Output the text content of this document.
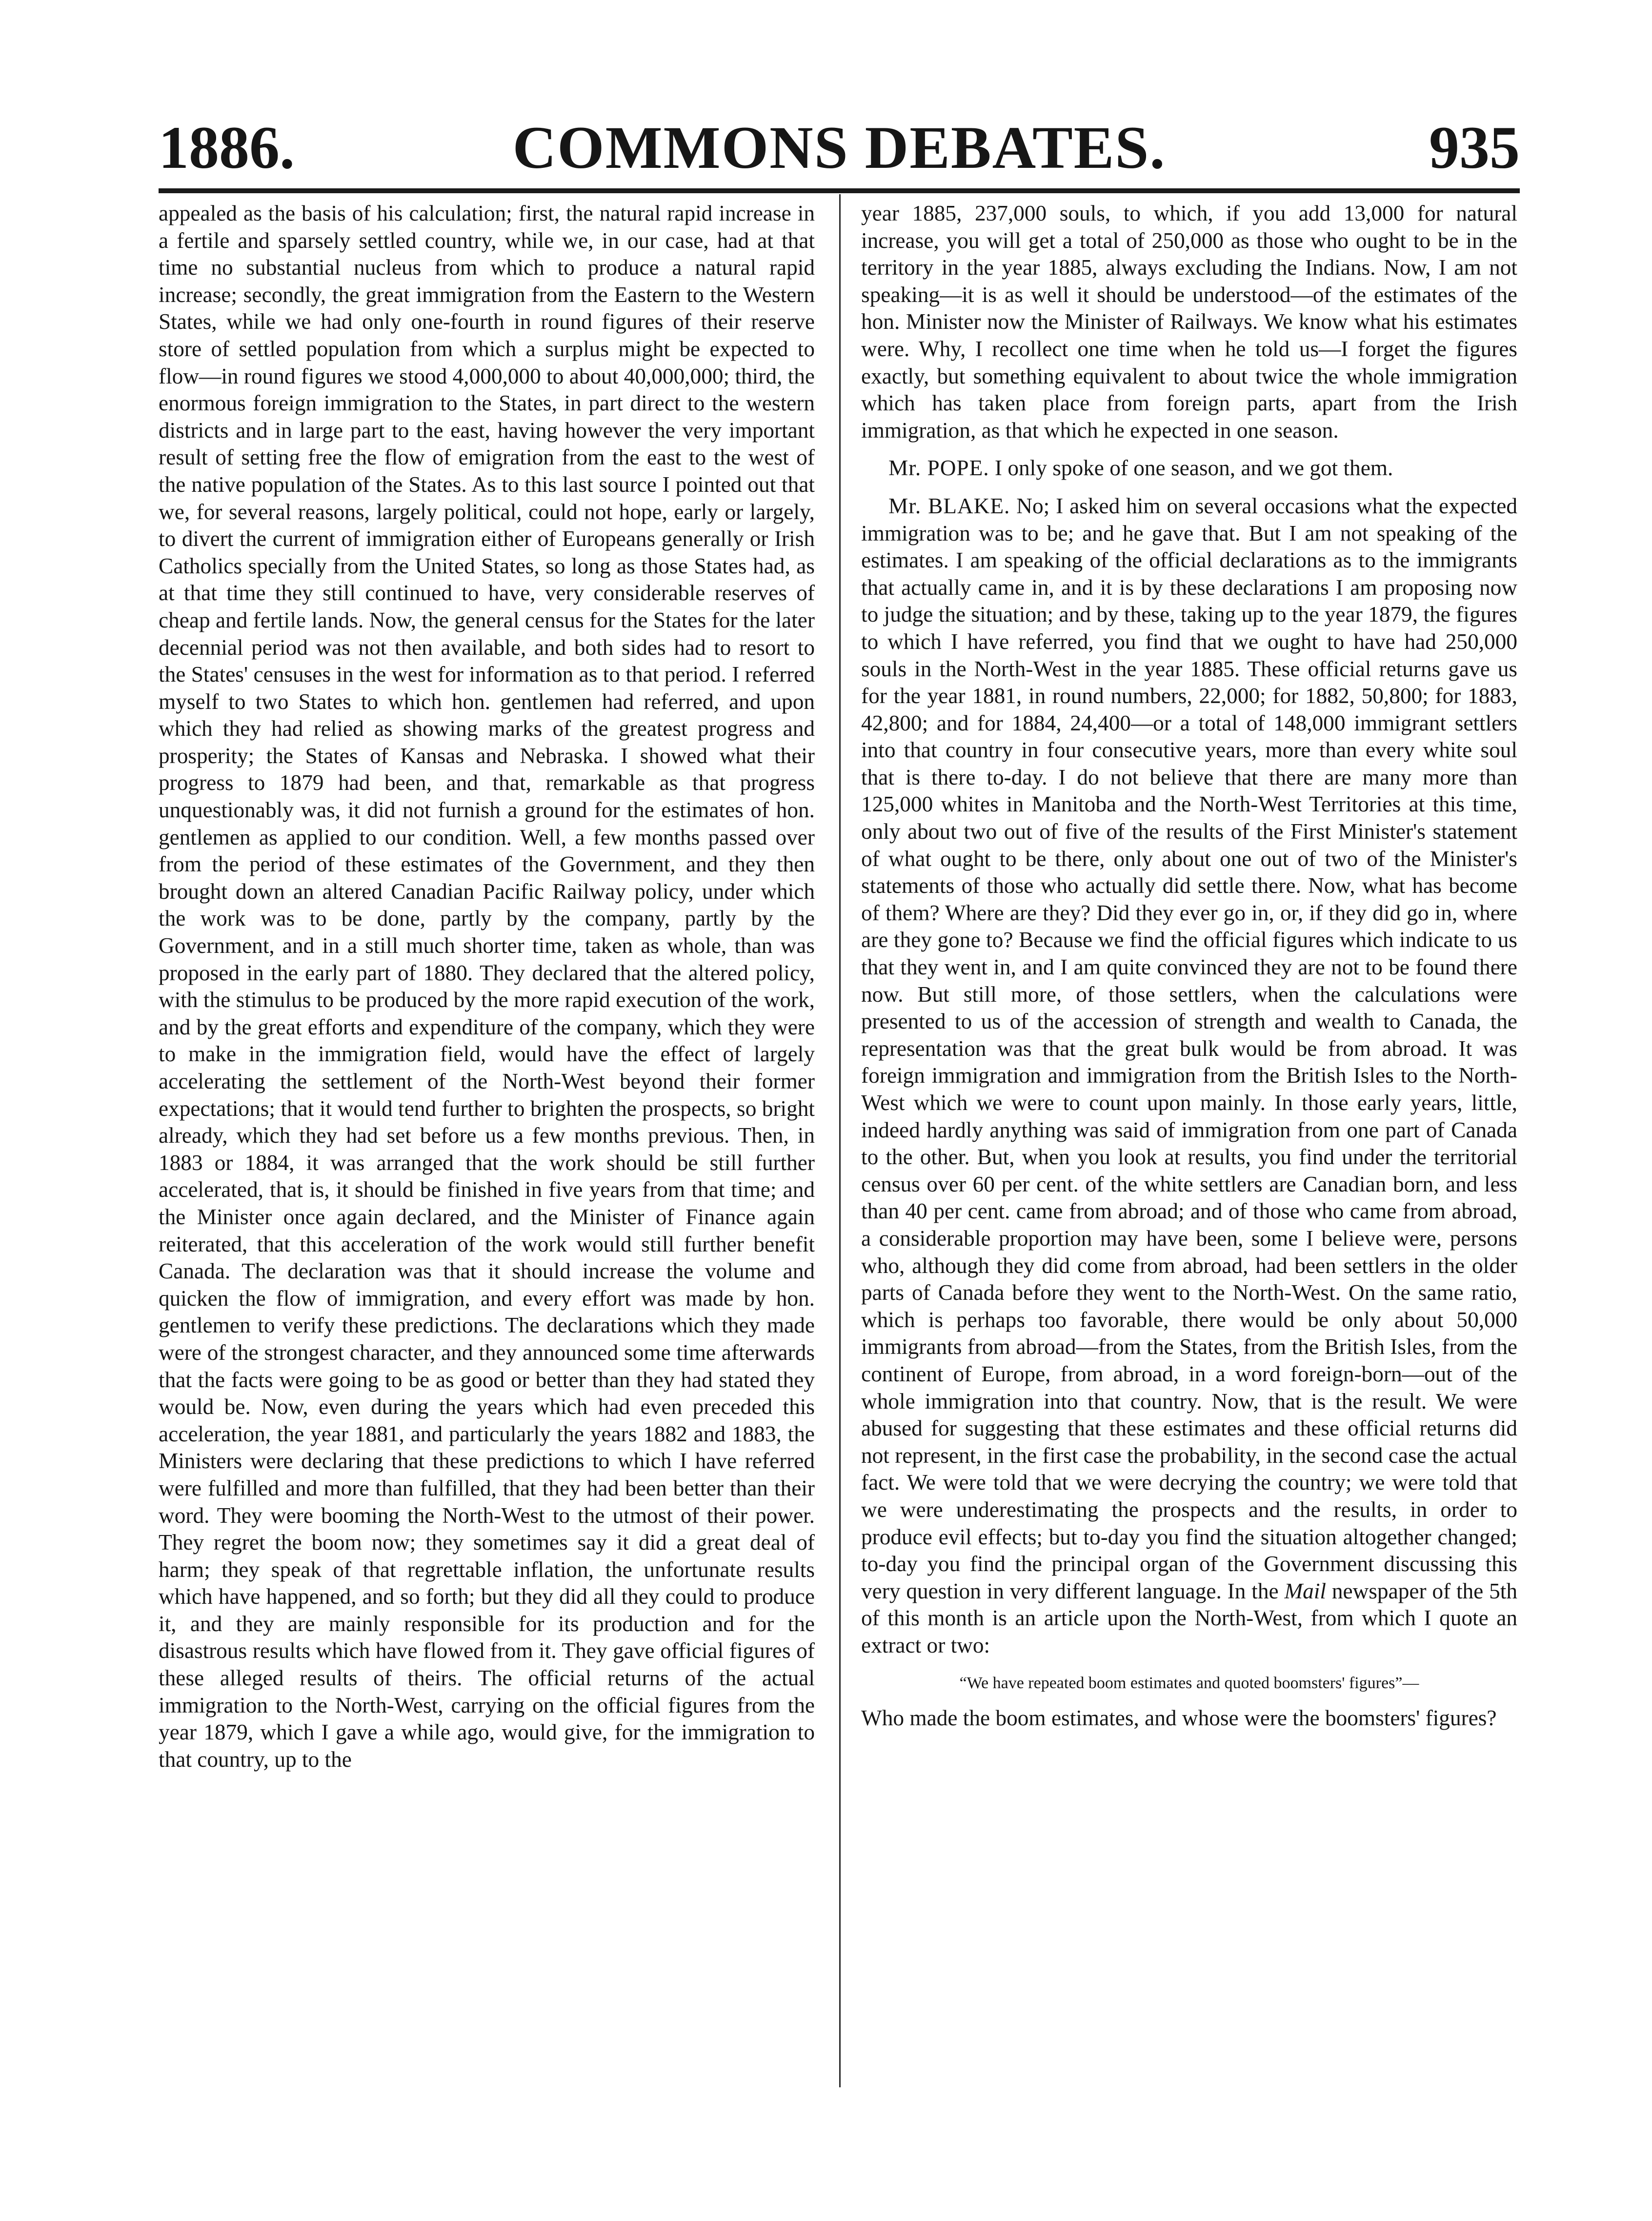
1886.	COMMONS DEBATES.	935

appealed as the basis of his calculation; first, the natural rapid increase in a fertile and sparsely settled country, while we, in our case, had at that time no substantial nucleus from which to produce a natural rapid increase; secondly, the great immigration from the Eastern to the Western States, while we had only one-fourth in round figures of their reserve store of settled population from which a surplus might be expected to flow—in round figures we stood 4,000,000 to about 40,000,000; third, the enormous foreign immigration to the States, in part direct to the western districts and in large part to the east, having however the very important result of setting free the flow of emigration from the east to the west of the native population of the States. As to this last source I pointed out that we, for several reasons, largely political, could not hope, early or largely, to divert the current of immigration either of Europeans generally or Irish Catholics specially from the United States, so long as those States had, as at that time they still continued to have, very considerable reserves of cheap and fertile lands. Now, the general census for the States for the later decennial period was not then available, and both sides had to resort to the States' censuses in the west for information as to that period. I referred myself to two States to which hon. gentlemen had referred, and upon which they had relied as showing marks of the greatest progress and prosperity; the States of Kansas and Nebraska. I showed what their progress to 1879 had been, and that, remarkable as that progress unquestionably was, it did not furnish a ground for the estimates of hon. gentlemen as applied to our condition. Well, a few months passed over from the period of these estimates of the Government, and they then brought down an altered Canadian Pacific Railway policy, under which the work was to be done, partly by the company, partly by the Government, and in a still much shorter time, taken as whole, than was proposed in the early part of 1880. They declared that the altered policy, with the stimulus to be produced by the more rapid execution of the work, and by the great efforts and expenditure of the company, which they were to make in the immigration field, would have the effect of largely accelerating the settlement of the North-West beyond their former expectations; that it would tend further to brighten the prospects, so bright already, which they had set before us a few months previous. Then, in 1883 or 1884, it was arranged that the work should be still further accelerated, that is, it should be finished in five years from that time; and the Minister once again declared, and the Minister of Finance again reiterated, that this acceleration of the work would still further benefit Canada. The declaration was that it should increase the volume and quicken the flow of immigration, and every effort was made by hon. gentlemen to verify these predictions. The declarations which they made were of the strongest character, and they announced some time afterwards that the facts were going to be as good or better than they had stated they would be. Now, even during the years which had even preceded this acceleration, the year 1881, and particularly the years 1882 and 1883, the Ministers were declaring that these predictions to which I have referred were fulfilled and more than fulfilled, that they had been better than their word. They were booming the North-West to the utmost of their power. They regret the boom now; they sometimes say it did a great deal of harm; they speak of that regrettable inflation, the unfortunate results which have happened, and so forth; but they did all they could to produce it, and they are mainly responsible for its production and for the disastrous results which have flowed from it. They gave official figures of these alleged results of theirs. The official returns of the actual immigration to the North-West, carrying on the official figures from the year 1879, which I gave a while ago, would give, for the immigration to that country, up to the

year 1885, 237,000 souls, to which, if you add 13,000 for natural increase, you will get a total of 250,000 as those who ought to be in the territory in the year 1885, always excluding the Indians. Now, I am not speaking—it is as well it should be understood—of the estimates of the hon. Minister now the Minister of Railways. We know what his estimates were. Why, I recollect one time when he told us—I forget the figures exactly, but something equivalent to about twice the whole immigration which has taken place from foreign parts, apart from the Irish immigration, as that which he expected in one season.

Mr. POPE. I only spoke of one season, and we got them.

Mr. BLAKE. No; I asked him on several occasions what the expected immigration was to be; and he gave that. But I am not speaking of the estimates. I am speaking of the official declarations as to the immigrants that actually came in, and it is by these declarations I am proposing now to judge the situation; and by these, taking up to the year 1879, the figures to which I have referred, you find that we ought to have had 250,000 souls in the North-West in the year 1885. These official returns gave us for the year 1881, in round numbers, 22,000; for 1882, 50,800; for 1883, 42,800; and for 1884, 24,400—or a total of 148,000 immigrant settlers into that country in four consecutive years, more than every white soul that is there to-day. I do not believe that there are many more than 125,000 whites in Manitoba and the North-West Territories at this time, only about two out of five of the results of the First Minister's statement of what ought to be there, only about one out of two of the Minister's statements of those who actually did settle there. Now, what has become of them? Where are they? Did they ever go in, or, if they did go in, where are they gone to? Because we find the official figures which indicate to us that they went in, and I am quite convinced they are not to be found there now. But still more, of those settlers, when the calculations were presented to us of the accession of strength and wealth to Canada, the representation was that the great bulk would be from abroad. It was foreign immigration and immigration from the British Isles to the North-West which we were to count upon mainly. In those early years, little, indeed hardly anything was said of immigration from one part of Canada to the other. But, when you look at results, you find under the territorial census over 60 per cent. of the white settlers are Canadian born, and less than 40 per cent. came from abroad; and of those who came from abroad, a considerable proportion may have been, some I believe were, persons who, although they did come from abroad, had been settlers in the older parts of Canada before they went to the North-West. On the same ratio, which is perhaps too favorable, there would be only about 50,000 immigrants from abroad—from the States, from the British Isles, from the continent of Europe, from abroad, in a word foreign-born—out of the whole immigration into that country. Now, that is the result. We were abused for suggesting that these estimates and these official returns did not represent, in the first case the probability, in the second case the actual fact. We were told that we were decrying the country; we were told that we were underestimating the prospects and the results, in order to produce evil effects; but to-day you find the situation altogether changed; to-day you find the principal organ of the Government discussing this very question in very different language. In the Mail newspaper of the 5th of this month is an article upon the North-West, from which I quote an extract or two:

“We have repeated boom estimates and quoted boomsters' figures”—

Who made the boom estimates, and whose were the boomsters' figures?
